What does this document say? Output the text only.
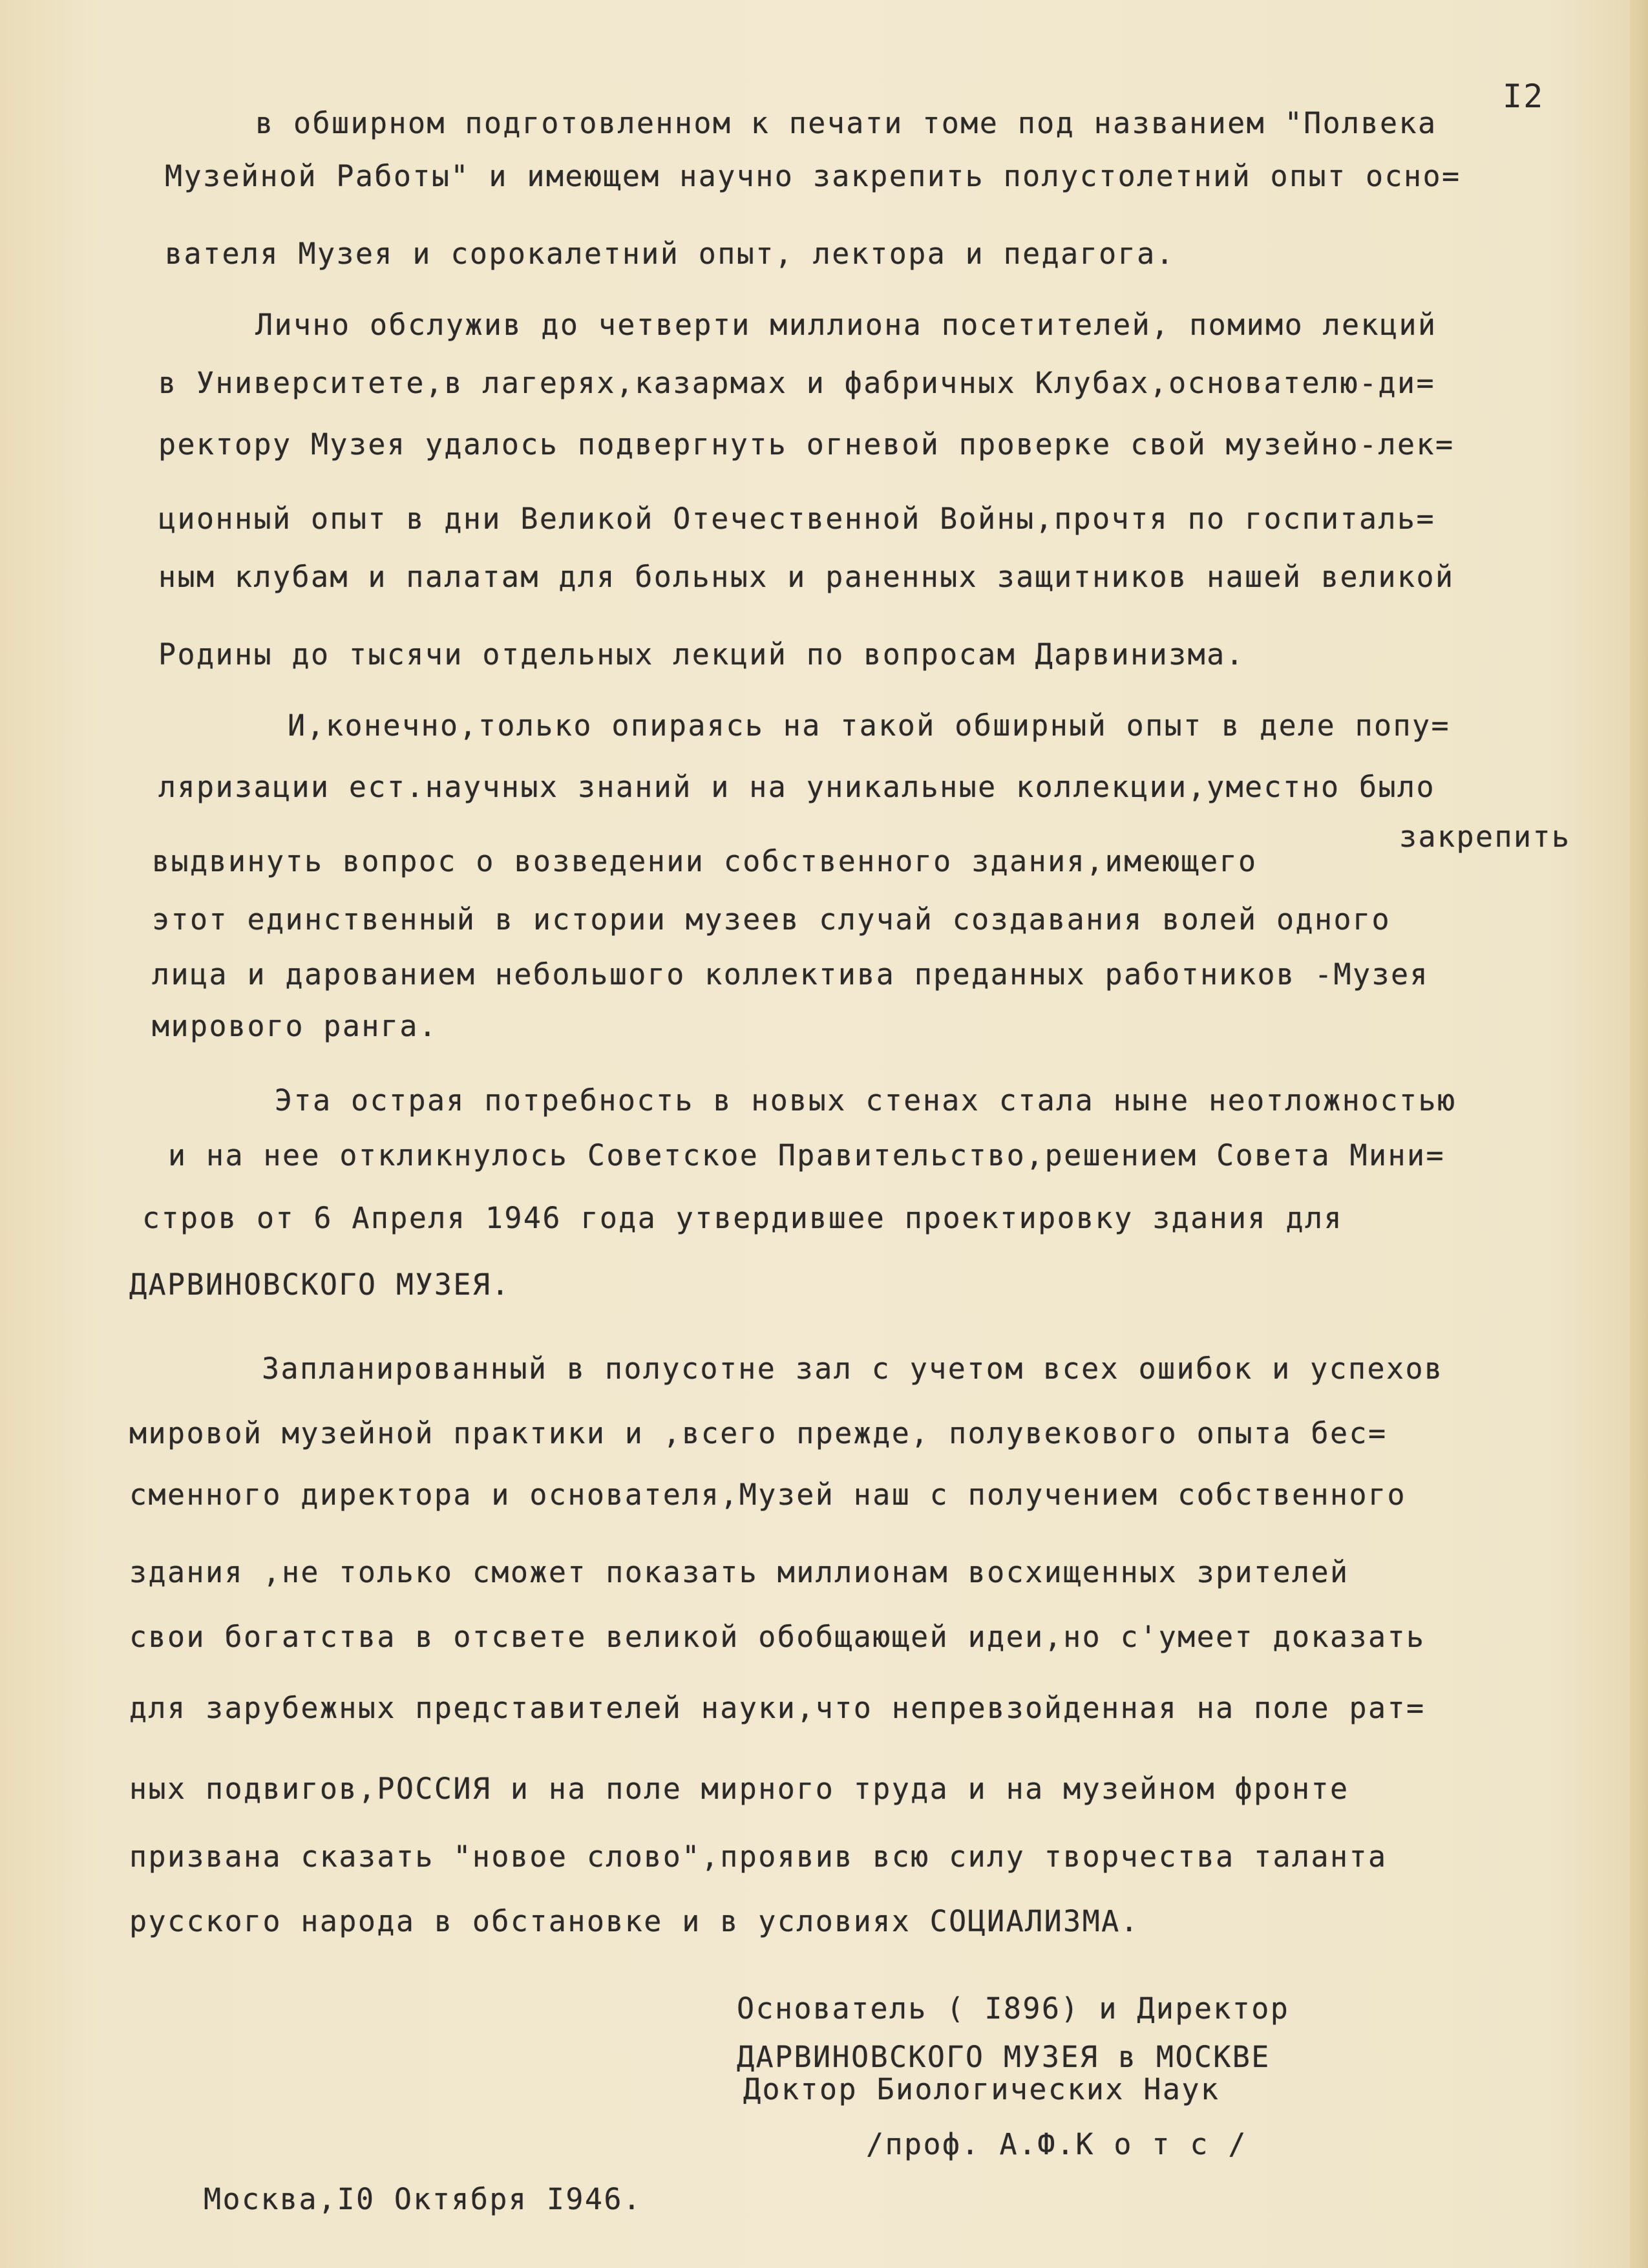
I2
в обширном подготовленном к печати томе под названием "Полвека
Музейной Работы" и имеющем научно закрепить полустолетний опыт осно=
вателя Музея и сорокалетний опыт, лектора и педагога.
Лично обслужив до четверти миллиона посетителей, помимо лекций
в Университете,в лагерях,казармах и фабричных Клубах,основателю-ди=
ректору Музея удалось подвергнуть огневой проверке свой музейно-лек=
ционный опыт в дни Великой Отечественной Войны,прочтя по госпиталь=
ным клубам и палатам для больных и раненных защитников нашей великой
Родины до тысячи отдельных лекций по вопросам Дарвинизма.
И,конечно,только опираясь на такой обширный опыт в деле попу=
ляризации ест.научных знаний и на уникальные коллекции,уместно было
закрепить
выдвинуть вопрос о возведении собственного здания,имеющего
этот единственный в истории музеев случай создавания волей одного
лица и дарованием небольшого коллектива преданных работников -Музея
мирового ранга.
Эта острая потребность в новых стенах стала ныне неотложностью
и на нее откликнулось Советское Правительство,решением Совета Мини=
стров от 6 Апреля 1946 года утвердившее проектировку здания для
ДАРВИНОВСКОГО МУЗЕЯ.
Запланированный в полусотне зал с учетом всех ошибок и успехов
мировой музейной практики и ,всего прежде, полувекового опыта бес=
сменного директора и основателя,Музей наш с получением собственного
здания ,не только сможет показать миллионам восхищенных зрителей
свои богатства в отсвете великой обобщающей идеи,но с'умеет доказать
для зарубежных представителей науки,что непревзойденная на поле рат=
ных подвигов,РОССИЯ и на поле мирного труда и на музейном фронте
призвана сказать "новое слово",проявив всю силу творчества таланта
русского народа в обстановке и в условиях СОЦИАЛИЗМА.
Основатель ( I896) и Директор
ДАРВИНОВСКОГО МУЗЕЯ в МОСКВЕ
Доктор Биологических Наук
/проф. А.Ф.К о т с /
Москва,I0 Октября I946.
